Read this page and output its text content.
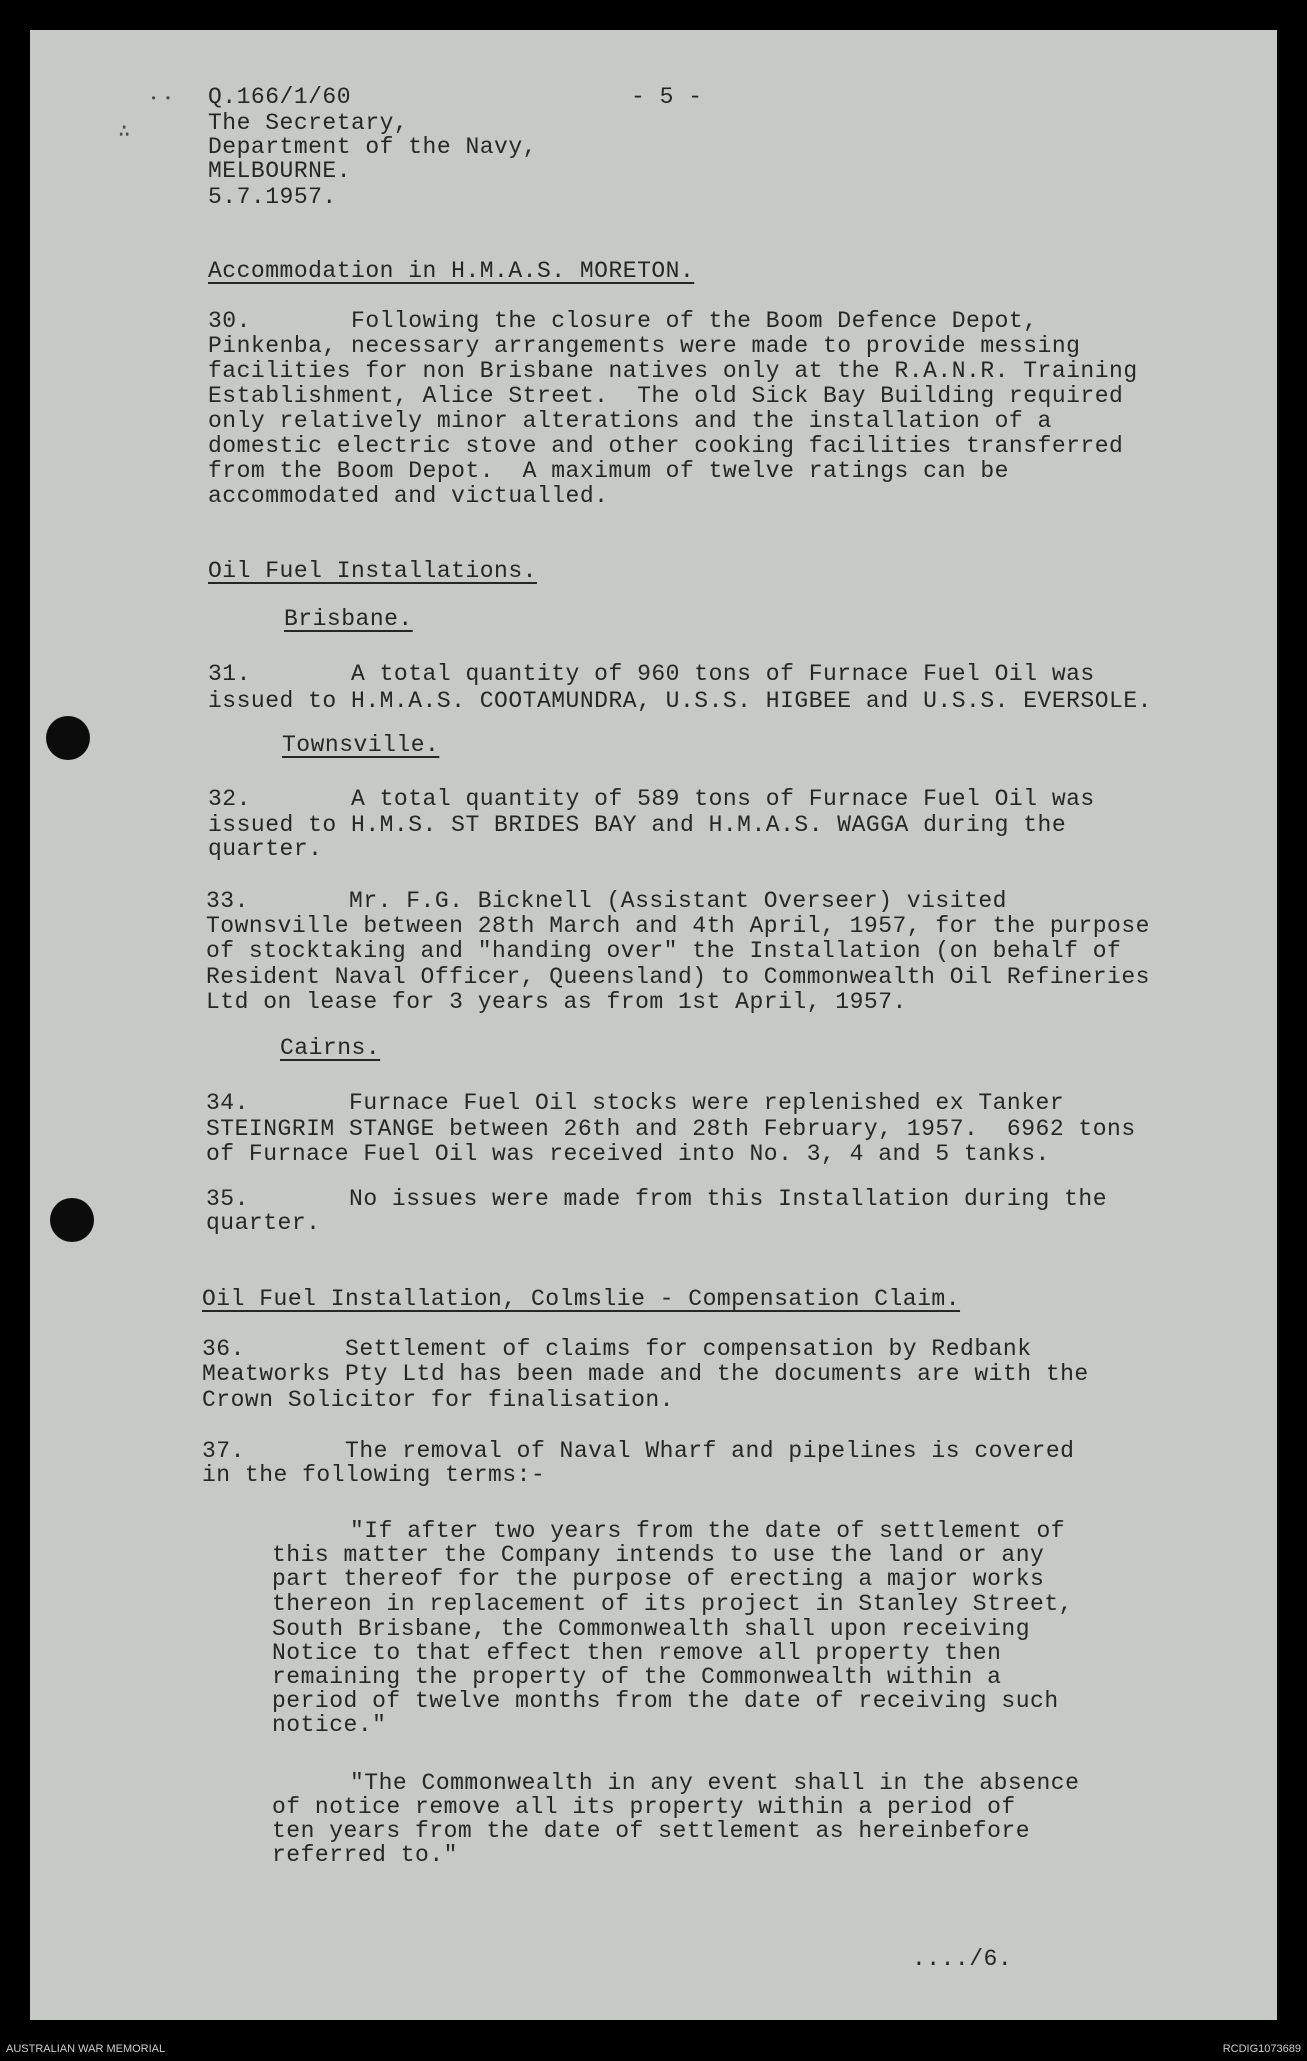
∴
• • Q.166/1/60	- 5 -
The Secretary,
Department of the Navy,
MELBOURNE.
5.7.1957.
Accommodation in H.M.A.S. MORETON.
30.       Following the closure of the Boom Defence Depot,
Pinkenba, necessary arrangements were made to provide messing
facilities for non Brisbane natives only at the R.A.N.R. Training
Establishment, Alice Street.  The old Sick Bay Building required
only relatively minor alterations and the installation of a
domestic electric stove and other cooking facilities transferred
from the Boom Depot.  A maximum of twelve ratings can be
accommodated and victualled.
Oil Fuel Installations.
Brisbane.
31.       A total quantity of 960 tons of Furnace Fuel Oil was
issued to H.M.A.S. COOTAMUNDRA, U.S.S. HIGBEE and U.S.S. EVERSOLE.
Townsville.
32.       A total quantity of 589 tons of Furnace Fuel Oil was
issued to H.M.S. ST BRIDES BAY and H.M.A.S. WAGGA during the
quarter.
33.       Mr. F.G. Bicknell (Assistant Overseer) visited
Townsville between 28th March and 4th April, 1957, for the purpose
of stocktaking and "handing over" the Installation (on behalf of
Resident Naval Officer, Queensland) to Commonwealth Oil Refineries
Ltd on lease for 3 years as from 1st April, 1957.
Cairns.
34.       Furnace Fuel Oil stocks were replenished ex Tanker
STEINGRIM STANGE between 26th and 28th February, 1957.  6962 tons
of Furnace Fuel Oil was received into No. 3, 4 and 5 tanks.
35.       No issues were made from this Installation during the
quarter.
Oil Fuel Installation, Colmslie - Compensation Claim.
36.       Settlement of claims for compensation by Redbank
Meatworks Pty Ltd has been made and the documents are with the
Crown Solicitor for finalisation.
37.       The removal of Naval Wharf and pipelines is covered
in the following terms:-
"If after two years from the date of settlement of
this matter the Company intends to use the land or any
part thereof for the purpose of erecting a major works
thereon in replacement of its project in Stanley Street,
South Brisbane, the Commonwealth shall upon receiving
Notice to that effect then remove all property then
remaining the property of the Commonwealth within a
period of twelve months from the date of receiving such
notice."
"The Commonwealth in any event shall in the absence
of notice remove all its property within a period of
ten years from the date of settlement as hereinbefore
referred to."
..../6.
AUSTRALIAN WAR MEMORIAL	RCDIG1073689
